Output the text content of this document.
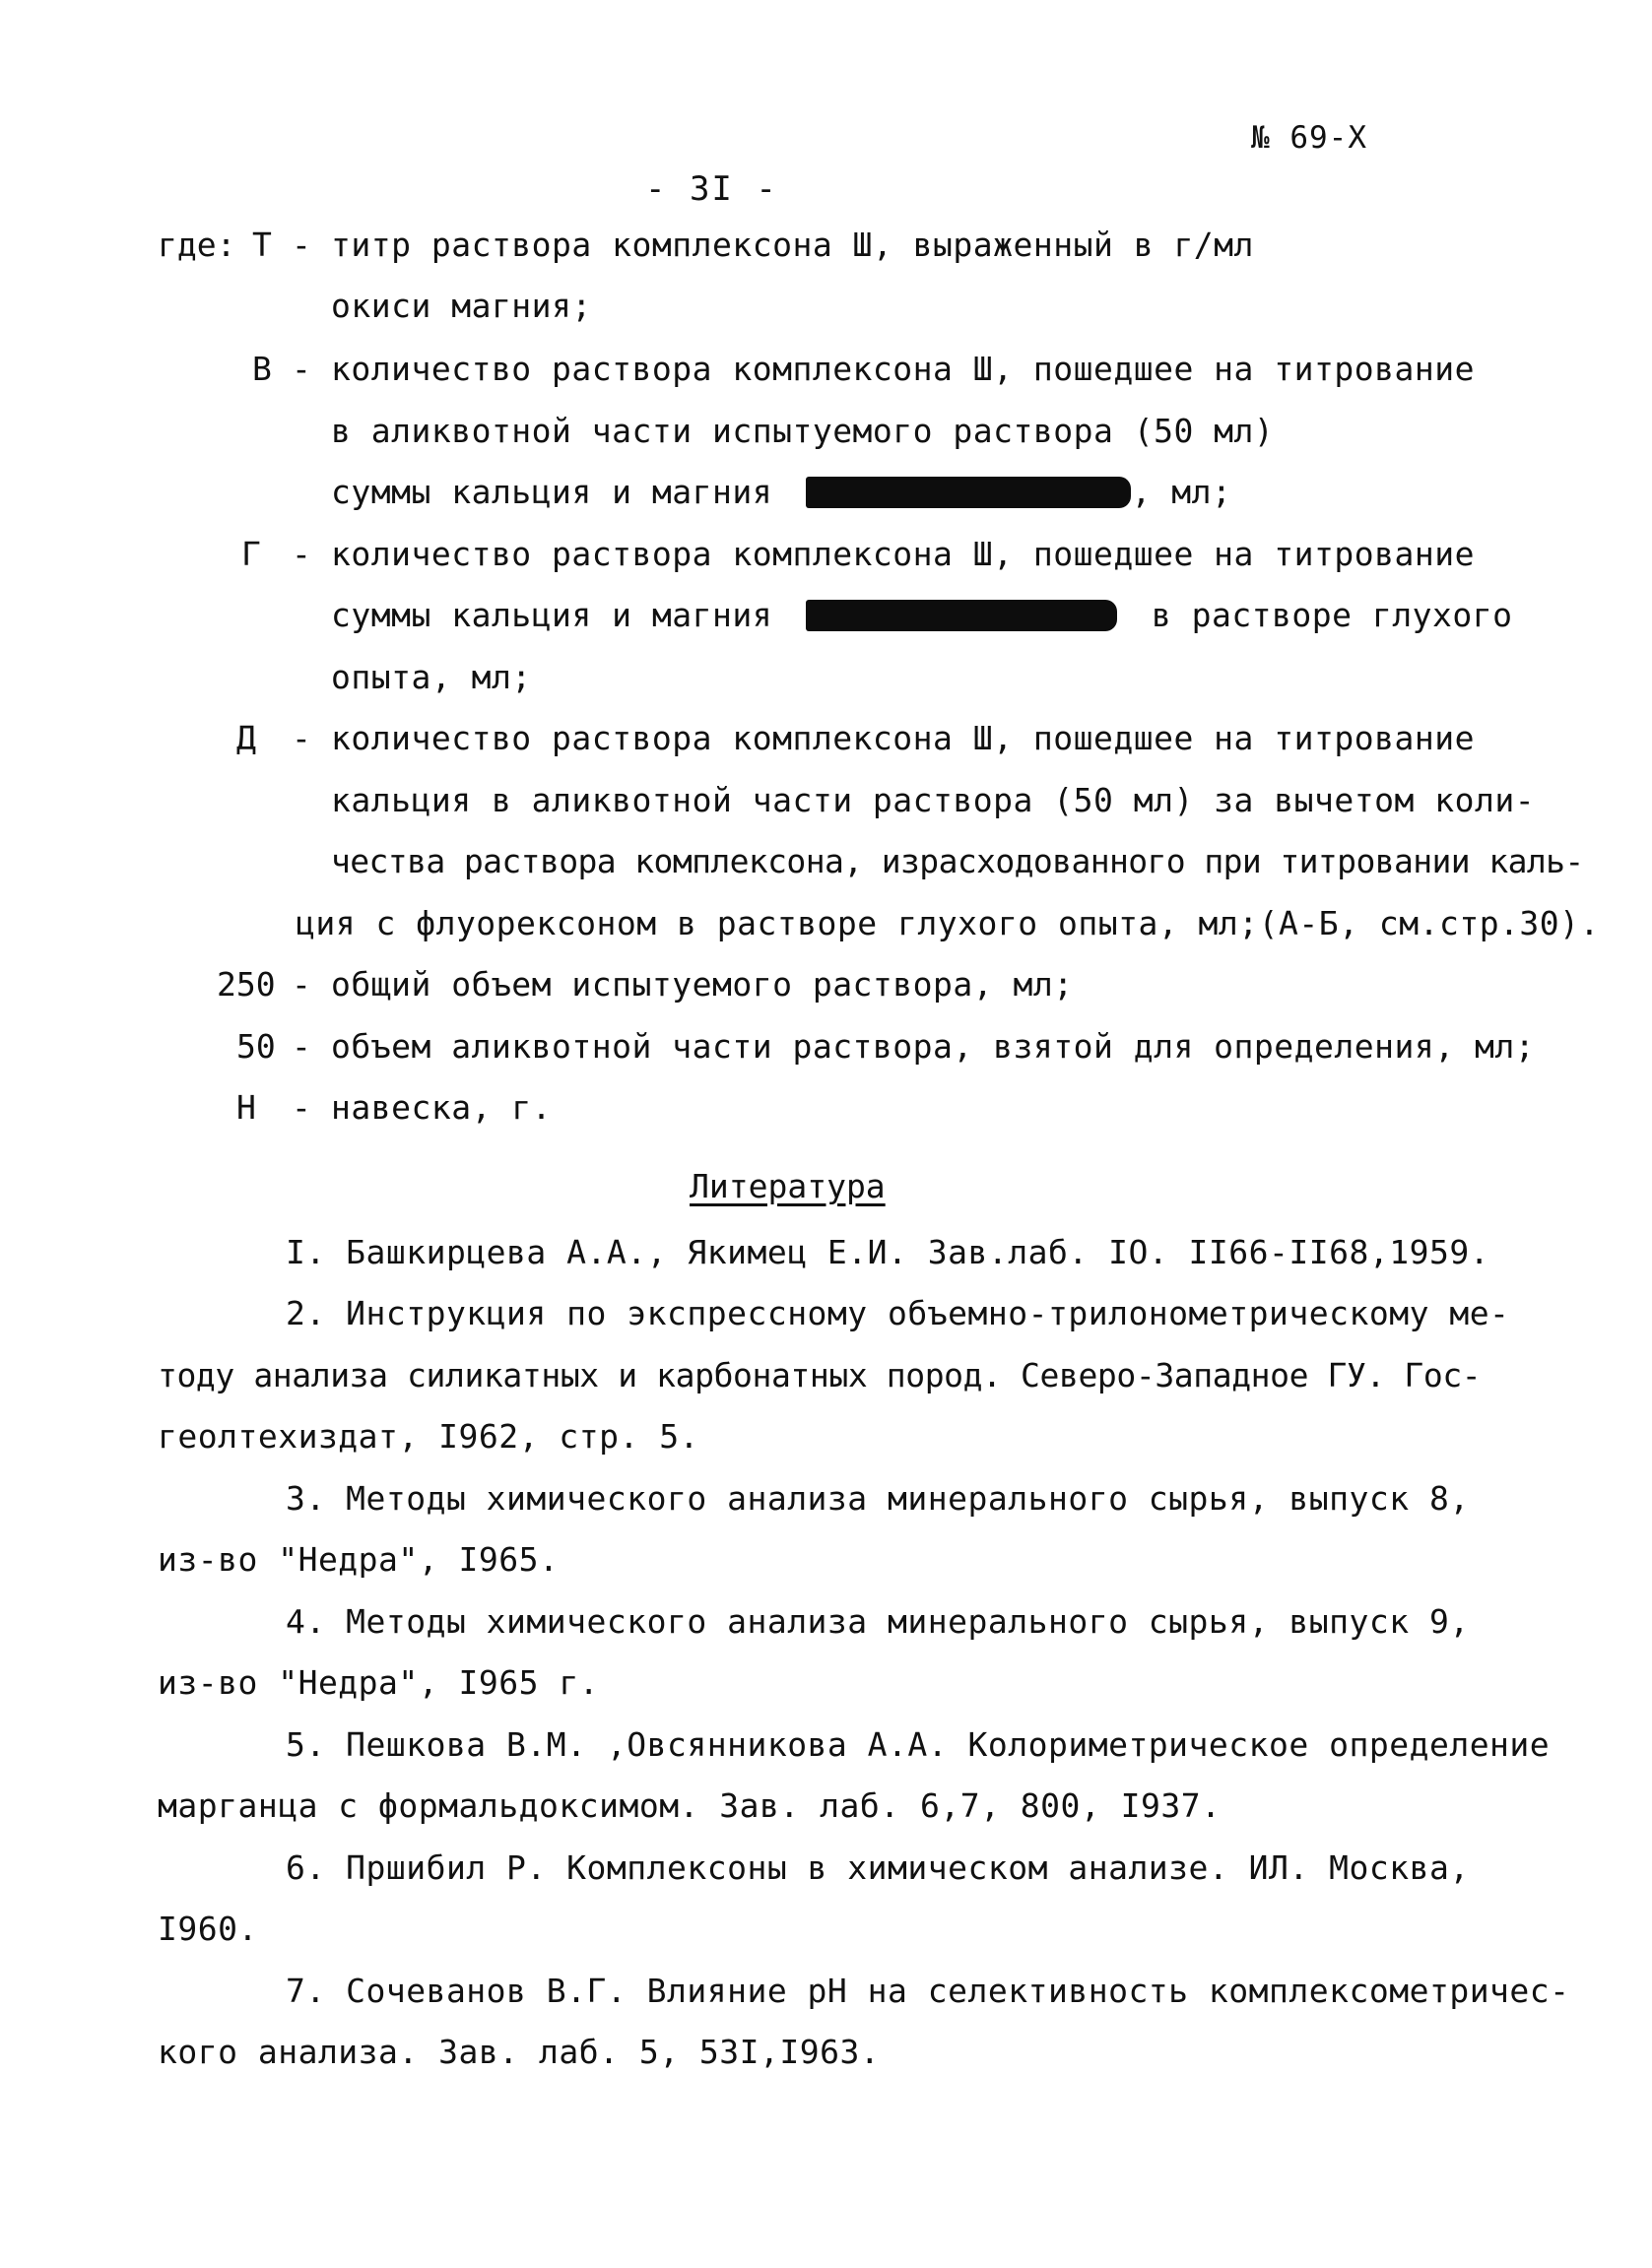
№ 69-Х
- 3I -
где: Т - титр раствора комплексона Ш, выраженный в г/мл
окиси магния;
В - количество раствора комплексона Ш, пошедшее на титрование
в аликвотной части испытуемого раствора (50 мл)
суммы кальция и магния	, мл;
Г - количество раствора комплексона Ш, пошедшее на титрование
суммы кальция и магния	в растворе глухого
опыта, мл;
Д - количество раствора комплексона Ш, пошедшее на титрование
кальция в аликвотной части раствора (50 мл) за вычетом коли-
чества раствора комплексона, израсходованного при титровании каль-
ция с флуорексоном в растворе глухого опыта, мл;(А-Б, см.стр.30).
250 - общий объем испытуемого раствора, мл;
50 - объем аликвотной части раствора, взятой для определения, мл;
Н - навеска, г.
Литература
I. Башкирцева А.А., Якимец Е.И. Зав.лаб. IO. II66-II68,1959.
2. Инструкция по экспрессному объемно-трилонометрическому ме-
тоду анализа силикатных и карбонатных пород. Северо-Западное ГУ. Гос-
геолтехиздат, I962, стр. 5.
3. Методы химического анализа минерального сырья, выпуск 8,
из-во "Недра", I965.
4. Методы химического анализа минерального сырья, выпуск 9,
из-во "Недра", I965 г.
5. Пешкова В.М. ,Овсянникова А.А. Колориметрическое определение
марганца с формальдоксимом. Зав. лаб. 6,7, 800, I937.
6. Пршибил Р. Комплексоны в химическом анализе. ИЛ. Москва,
I960.
7. Сочеванов В.Г. Влияние pH на селективность комплексометричес-
кого анализа. Зав. лаб. 5, 53I,I963.
